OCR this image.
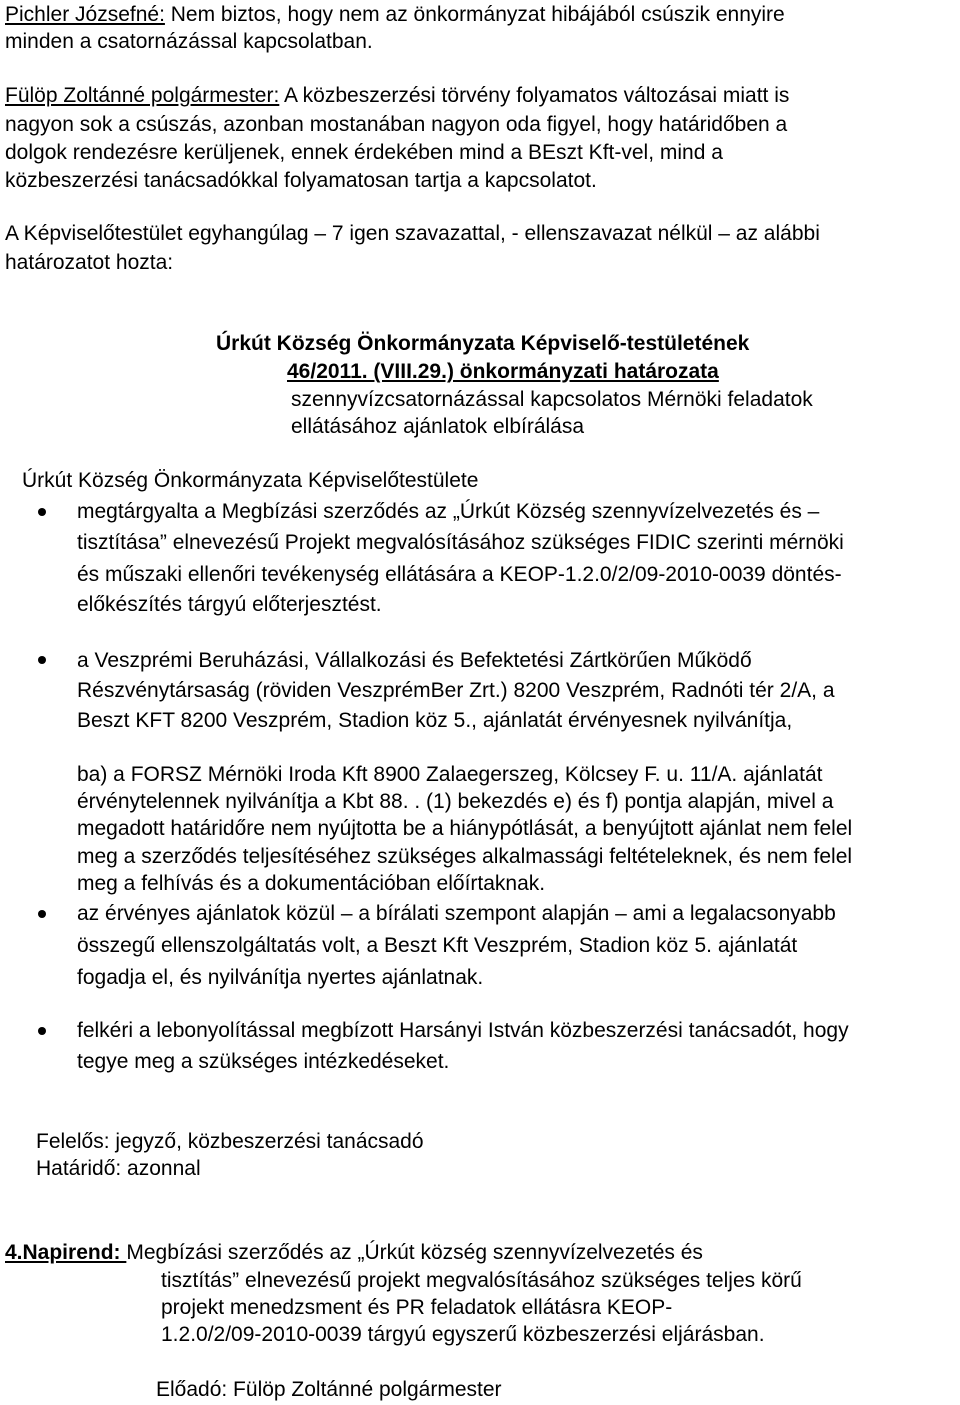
Pichler Józsefné: Nem biztos, hogy nem az önkormányzat hibájából csúszik ennyire
minden a csatornázással kapcsolatban.
Fülöp Zoltánné polgármester: A közbeszerzési törvény folyamatos változásai miatt is
nagyon sok a csúszás, azonban mostanában nagyon oda figyel, hogy határidőben a
dolgok rendezésre kerüljenek, ennek érdekében mind a BEszt Kft-vel, mind a
közbeszerzési tanácsadókkal folyamatosan tartja a kapcsolatot.
A Képviselőtestület egyhangúlag – 7 igen szavazattal, - ellenszavazat nélkül – az alábbi
határozatot hozta:
Úrkút Község Önkormányzata Képviselő-testületének
46/2011. (VIII.29.) önkormányzati határozata
szennyvízcsatornázással kapcsolatos Mérnöki feladatok
ellátásához ajánlatok elbírálása
Úrkút Község Önkormányzata Képviselőtestülete
megtárgyalta a Megbízási szerződés az „Úrkút Község szennyvízelvezetés és –
tisztítása” elnevezésű Projekt megvalósításához szükséges FIDIC szerinti mérnöki
és műszaki ellenőri tevékenység ellátására a KEOP-1.2.0/2/09-2010-0039 döntés-
előkészítés tárgyú előterjesztést.
a Veszprémi Beruházási, Vállalkozási és Befektetési Zártkörűen Működő
Részvénytársaság (röviden VeszprémBer Zrt.) 8200 Veszprém, Radnóti tér 2/A, a
Beszt KFT 8200 Veszprém, Stadion köz 5., ajánlatát érvényesnek nyilvánítja,
ba) a FORSZ Mérnöki Iroda Kft 8900 Zalaegerszeg, Kölcsey F. u. 11/A. ajánlatát
érvénytelennek nyilvánítja a Kbt 88. . (1) bekezdés e) és f) pontja alapján, mivel a
megadott határidőre nem nyújtotta be a hiánypótlását, a benyújtott ajánlat nem felel
meg a szerződés teljesítéséhez szükséges alkalmassági feltételeknek, és nem felel
meg a felhívás és a dokumentációban előírtaknak.
az érvényes ajánlatok közül – a bírálati szempont alapján – ami a legalacsonyabb
összegű ellenszolgáltatás volt, a Beszt Kft Veszprém, Stadion köz 5. ajánlatát
fogadja el, és nyilvánítja nyertes ajánlatnak.
felkéri a lebonyolítással megbízott Harsányi István közbeszerzési tanácsadót, hogy
tegye meg a szükséges intézkedéseket.
Felelős: jegyző, közbeszerzési tanácsadó
Határidő: azonnal
4.Napirend: Megbízási szerződés az „Úrkút község szennyvízelvezetés és
tisztítás” elnevezésű projekt megvalósításához szükséges teljes körű
projekt menedzsment és PR feladatok ellátásra KEOP-
1.2.0/2/09-2010-0039 tárgyú egyszerű közbeszerzési eljárásban.
Előadó: Fülöp Zoltánné polgármester
